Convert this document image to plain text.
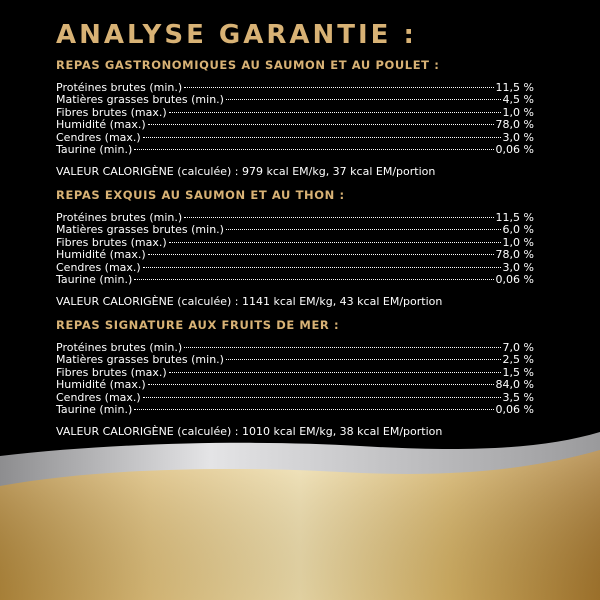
ANALYSE GARANTIE :
REPAS GASTRONOMIQUES AU SAUMON ET AU POULET :
Protéines brutes (min.)	11,5 %
Matières grasses brutes (min.)	4,5 %
Fibres brutes (max.)	1,0 %
Humidité (max.)	78,0 %
Cendres (max.)	3,0 %
Taurine (min.)	0,06 %
VALEUR CALORIGÈNE (calculée) : 979 kcal EM/kg, 37 kcal EM/portion
REPAS EXQUIS AU SAUMON ET AU THON :
Protéines brutes (min.)	11,5 %
Matières grasses brutes (min.)	6,0 %
Fibres brutes (max.)	1,0 %
Humidité (max.)	78,0 %
Cendres (max.)	3,0 %
Taurine (min.)	0,06 %
VALEUR CALORIGÈNE (calculée) : 1141 kcal EM/kg, 43 kcal EM/portion
REPAS SIGNATURE AUX FRUITS DE MER :
Protéines brutes (min.)	7,0 %
Matières grasses brutes (min.)	2,5 %
Fibres brutes (max.)	1,5 %
Humidité (max.)	84,0 %
Cendres (max.)	3,5 %
Taurine (min.)	0,06 %
VALEUR CALORIGÈNE (calculée) : 1010 kcal EM/kg, 38 kcal EM/portion
